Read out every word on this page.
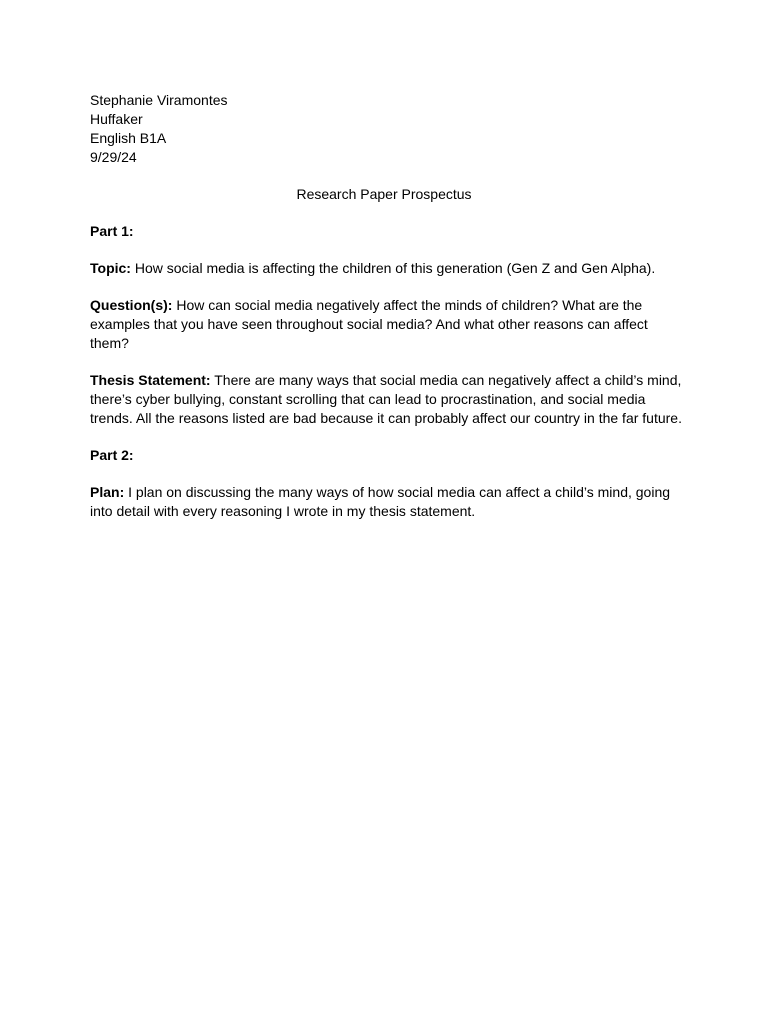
Stephanie Viramontes
Huffaker
English B1A
9/29/24
Research Paper Prospectus

Part 1:

Topic: How social media is affecting the children of this generation (Gen Z and Gen Alpha).

Question(s): How can social media negatively affect the minds of children? What are the examples that you have seen throughout social media? And what other reasons can affect them?

Thesis Statement: There are many ways that social media can negatively affect a child’s mind, there’s cyber bullying, constant scrolling that can lead to procrastination, and social media trends. All the reasons listed are bad because it can probably affect our country in the far future.

Part 2:

Plan: I plan on discussing the many ways of how social media can affect a child’s mind, going into detail with every reasoning I wrote in my thesis statement.
